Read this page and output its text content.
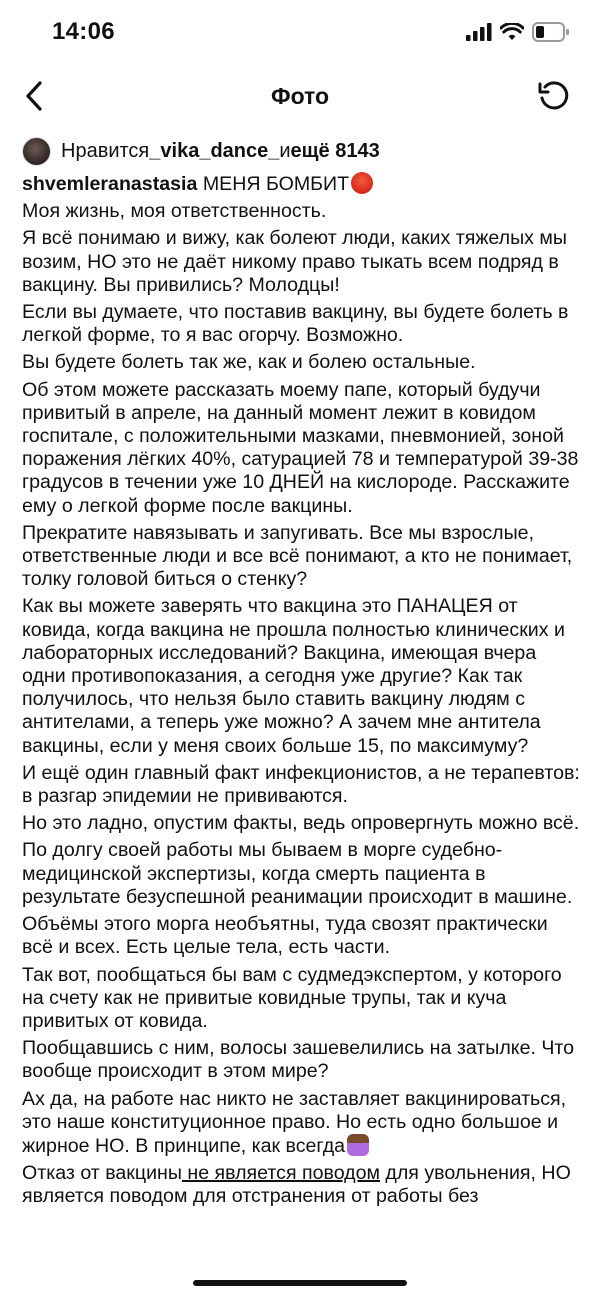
14:06
Фото
Нравится _vika_dance_ и ещё 8143

shvemleranastasia МЕНЯ БОМБИТ

Моя жизнь, моя ответственность.

Я всё понимаю и вижу, как болеют люди, каких тяжелых мы возим, НО это не даёт никому право тыкать всем подряд в вакцину. Вы привились? Молодцы!

Если вы думаете, что поставив вакцину, вы будете болеть в легкой форме, то я вас огорчу. Возможно.

Вы будете болеть так же, как и болею остальные.

Об этом можете рассказать моему папе, который будучи привитый в апреле, на данный момент лежит в ковидом госпитале, с положительными мазками, пневмонией, зоной поражения лёгких 40%, сатурацией 78 и температурой 39-38 градусов в течении уже 10 ДНЕЙ на кислороде. Расскажите ему о легкой форме после вакцины.

Прекратите навязывать и запугивать. Все мы взрослые, ответственные люди и все всё понимают, а кто не понимает, толку головой биться о стенку?

Как вы можете заверять что вакцина это ПАНАЦЕЯ от ковида, когда вакцина не прошла полностью клинических и лабораторных исследований? Вакцина, имеющая вчера одни противопоказания, а сегодня уже другие? Как так получилось, что нельзя было ставить вакцину людям с антителами, а теперь уже можно? А зачем мне антитела вакцины, если у меня своих больше 15, по максимуму?

И ещё один главный факт инфекционистов, а не терапевтов: в разгар эпидемии не прививаются.

Но это ладно, опустим факты, ведь опровергнуть можно всё.

По долгу своей работы мы бываем в морге судебно-медицинской экспертизы, когда смерть пациента в результате безуспешной реанимации происходит в машине.

Объёмы этого морга необъятны, туда свозят практически всё и всех. Есть целые тела, есть части.

Так вот, пообщаться бы вам с судмедэкспертом, у которого на счету как не привитые ковидные трупы, так и куча привитых от ковида.

Пообщавшись с ним, волосы зашевелились на затылке. Что вообще происходит в этом мире?

Ах да, на работе нас никто не заставляет вакцинироваться, это наше конституционное право. Но есть одно большое и жирное НО. В принципе, как всегда

Отказ от вакцины не является поводом для увольнения, НО является поводом для отстранения от работы без
